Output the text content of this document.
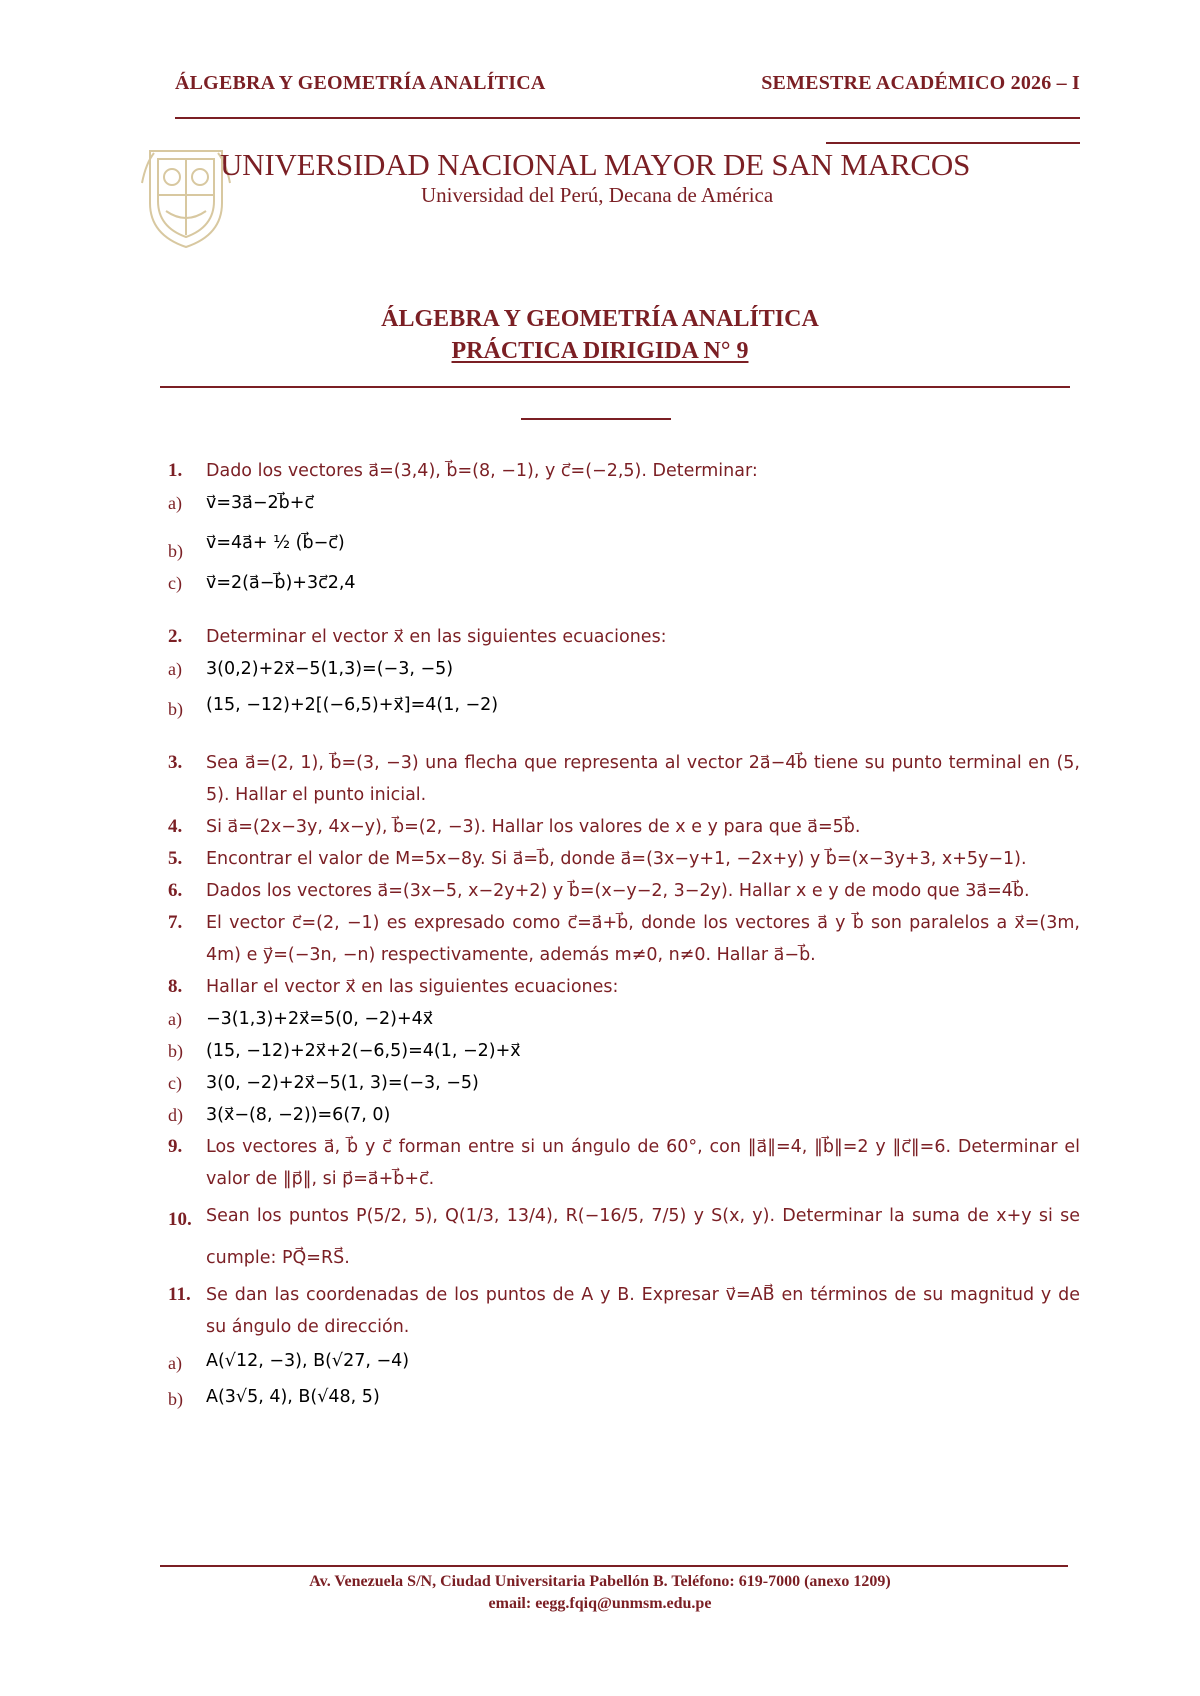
ÁLGEBRA Y GEOMETRÍA ANALÍTICA	SEMESTRE ACADÉMICO 2026 – I
UNIVERSIDAD NACIONAL MAYOR DE SAN MARCOS
Universidad del Perú, Decana de América
ÁLGEBRA Y GEOMETRÍA ANALÍTICA
PRÁCTICA DIRIGIDA N° 9
1. Dado los vectores a⃗=(3,4), b⃗=(8, −1), y c⃗=(−2,5). Determinar:
a) v⃗=3a⃗−2b⃗+c⃗
b) v⃗=4a⃗+ ½ (b⃗−c⃗)
c) v⃗=2(a⃗−b⃗)+3c⃗2,4
2. Determinar el vector x⃗ en las siguientes ecuaciones:
a) 3(0,2)+2x⃗−5(1,3)=(−3, −5)
b) (15, −12)+2[(−6,5)+x⃗]=4(1, −2)
3. Sea a⃗=(2, 1), b⃗=(3, −3) una flecha que representa al vector 2a⃗−4b⃗ tiene su punto terminal en (5, 5). Hallar el punto inicial.
4. Si a⃗=(2x−3y, 4x−y), b⃗=(2, −3). Hallar los valores de x e y para que a⃗=5b⃗.
5. Encontrar el valor de M=5x−8y. Si a⃗=b⃗, donde a⃗=(3x−y+1, −2x+y) y b⃗=(x−3y+3, x+5y−1).
6. Dados los vectores a⃗=(3x−5, x−2y+2) y b⃗=(x−y−2, 3−2y). Hallar x e y de modo que 3a⃗=4b⃗.
7. El vector c⃗=(2, −1) es expresado como c⃗=a⃗+b⃗, donde los vectores a⃗ y b⃗ son paralelos a x⃗=(3m, 4m) e y⃗=(−3n, −n) respectivamente, además m≠0, n≠0. Hallar a⃗−b⃗.
8. Hallar el vector x⃗ en las siguientes ecuaciones:
a) −3(1,3)+2x⃗=5(0, −2)+4x⃗
b) (15, −12)+2x⃗+2(−6,5)=4(1, −2)+x⃗
c) 3(0, −2)+2x⃗−5(1, 3)=(−3, −5)
d) 3(x⃗−(8, −2))=6(7, 0)
9. Los vectores a⃗, b⃗ y c⃗ forman entre si un ángulo de 60°, con ‖a⃗‖=4, ‖b⃗‖=2 y ‖c⃗‖=6. Determinar el valor de ‖p⃗‖, si p⃗=a⃗+b⃗+c⃗.
10. Sean los puntos P(5/2, 5), Q(1/3, 13/4), R(−16/5, 7/5) y S(x, y). Determinar la suma de x+y si se cumple: PQ⃗=RS⃗.
11. Se dan las coordenadas de los puntos de A y B. Expresar v⃗=AB⃗ en términos de su magnitud y de su ángulo de dirección.
a) A(√12, −3), B(√27, −4)
b) A(3√5, 4), B(√48, 5)
Av. Venezuela S/N, Ciudad Universitaria Pabellón B. Teléfono: 619-7000 (anexo 1209)
email: eegg.fqiq@unmsm.edu.pe
